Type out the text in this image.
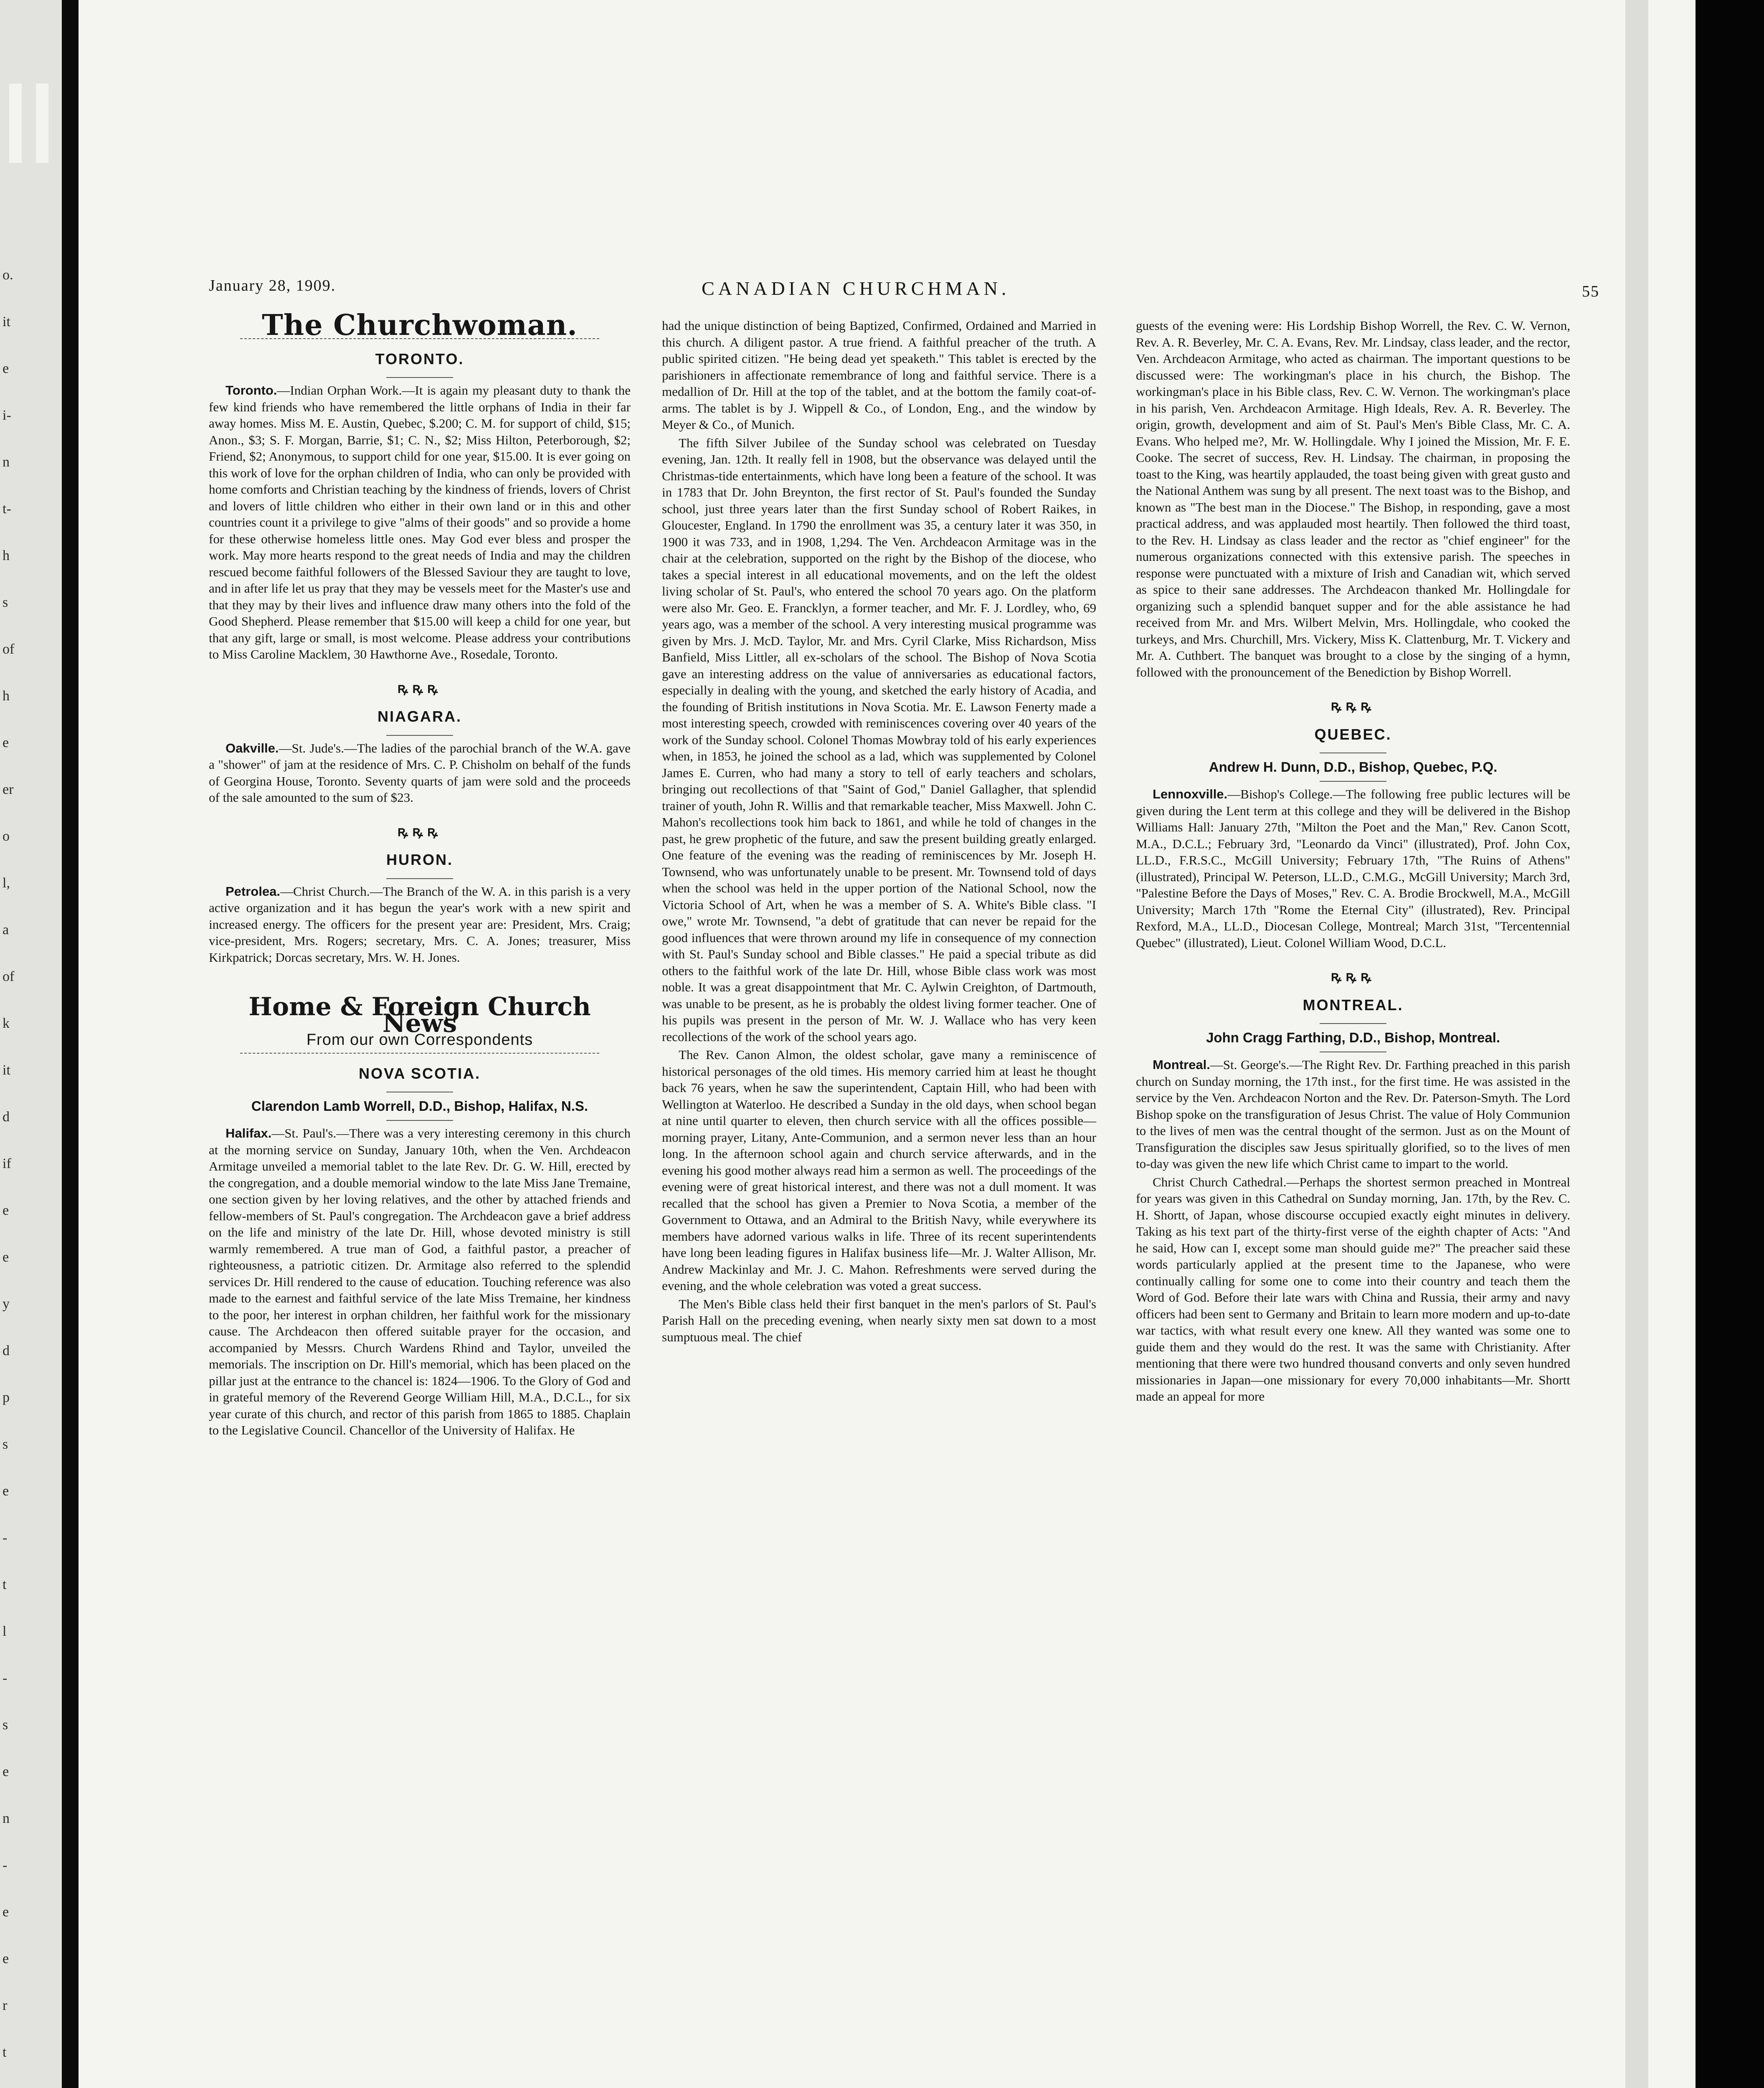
o.
it
e
i-
n
t-
h
s
of
h
e
er
o
l,
a
of
k
it
d
if
e
e
y
d
p
s
e
-
t
l
-
s
e
n
-
e
e
r
t
January 28, 1909.	CANADIAN CHURCHMAN.	55
The Churchwoman.
TORONTO.

Toronto.—Indian Orphan Work.—It is again my pleasant duty to thank the few kind friends who have remembered the little orphans of India in their far away homes. Miss M. E. Austin, Quebec, $.200; C. M. for support of child, $15; Anon., $3; S. F. Morgan, Barrie, $1; C. N., $2; Miss Hilton, Peterborough, $2; Friend, $2; Anonymous, to support child for one year, $15.00. It is ever going on this work of love for the orphan children of India, who can only be provided with home comforts and Christian teaching by the kindness of friends, lovers of Christ and lovers of little children who either in their own land or in this and other countries count it a privilege to give "alms of their goods" and so provide a home for these otherwise homeless little ones. May God ever bless and prosper the work. May more hearts respond to the great needs of India and may the children rescued become faithful followers of the Blessed Saviour they are taught to love, and in after life let us pray that they may be vessels meet for the Master's use and that they may by their lives and influence draw many others into the fold of the Good Shepherd. Please remember that $15.00 will keep a child for one year, but that any gift, large or small, is most welcome. Please address your contributions to Miss Caroline Macklem, 30 Hawthorne Ave., Rosedale, Toronto.

ꝶꝶꝶ
NIAGARA.

Oakville.—St. Jude's.—The ladies of the parochial branch of the W.A. gave a "shower" of jam at the residence of Mrs. C. P. Chisholm on behalf of the funds of Georgina House, Toronto. Seventy quarts of jam were sold and the proceeds of the sale amounted to the sum of $23.

ꝶꝶꝶ
HURON.

Petrolea.—Christ Church.—The Branch of the W. A. in this parish is a very active organization and it has begun the year's work with a new spirit and increased energy. The officers for the present year are: President, Mrs. Craig; vice-president, Mrs. Rogers; secretary, Mrs. C. A. Jones; treasurer, Miss Kirkpatrick; Dorcas secretary, Mrs. W. H. Jones.

Home & Foreign Church News
From our own Correspondents
NOVA SCOTIA.
Clarendon Lamb Worrell, D.D., Bishop, Halifax, N.S.

Halifax.—St. Paul's.—There was a very interesting ceremony in this church at the morning service on Sunday, January 10th, when the Ven. Archdeacon Armitage unveiled a memorial tablet to the late Rev. Dr. G. W. Hill, erected by the congregation, and a double memorial window to the late Miss Jane Tremaine, one section given by her loving relatives, and the other by attached friends and fellow-members of St. Paul's congregation. The Archdeacon gave a brief address on the life and ministry of the late Dr. Hill, whose devoted ministry is still warmly remembered. A true man of God, a faithful pastor, a preacher of righteousness, a patriotic citizen. Dr. Armitage also referred to the splendid services Dr. Hill rendered to the cause of education. Touching reference was also made to the earnest and faithful service of the late Miss Tremaine, her kindness to the poor, her interest in orphan children, her faithful work for the missionary cause. The Archdeacon then offered suitable prayer for the occasion, and accompanied by Messrs. Church Wardens Rhind and Taylor, unveiled the memorials. The inscription on Dr. Hill's memorial, which has been placed on the pillar just at the entrance to the chancel is: 1824—1906. To the Glory of God and in grateful memory of the Reverend George William Hill, M.A., D.C.L., for six year curate of this church, and rector of this parish from 1865 to 1885. Chaplain to the Legislative Council. Chancellor of the University of Halifax. He

had the unique distinction of being Baptized, Confirmed, Ordained and Married in this church. A diligent pastor. A true friend. A faithful preacher of the truth. A public spirited citizen. "He being dead yet speaketh." This tablet is erected by the parishioners in affectionate remembrance of long and faithful service. There is a medallion of Dr. Hill at the top of the tablet, and at the bottom the family coat-of-arms. The tablet is by J. Wippell & Co., of London, Eng., and the window by Meyer & Co., of Munich.

The fifth Silver Jubilee of the Sunday school was celebrated on Tuesday evening, Jan. 12th. It really fell in 1908, but the observance was delayed until the Christmas-tide entertainments, which have long been a feature of the school. It was in 1783 that Dr. John Breynton, the first rector of St. Paul's founded the Sunday school, just three years later than the first Sunday school of Robert Raikes, in Gloucester, England. In 1790 the enrollment was 35, a century later it was 350, in 1900 it was 733, and in 1908, 1,294. The Ven. Archdeacon Armitage was in the chair at the celebration, supported on the right by the Bishop of the diocese, who takes a special interest in all educational movements, and on the left the oldest living scholar of St. Paul's, who entered the school 70 years ago. On the platform were also Mr. Geo. E. Francklyn, a former teacher, and Mr. F. J. Lordley, who, 69 years ago, was a member of the school. A very interesting musical programme was given by Mrs. J. McD. Taylor, Mr. and Mrs. Cyril Clarke, Miss Richardson, Miss Banfield, Miss Littler, all ex-scholars of the school. The Bishop of Nova Scotia gave an interesting address on the value of anniversaries as educational factors, especially in dealing with the young, and sketched the early history of Acadia, and the founding of British institutions in Nova Scotia. Mr. E. Lawson Fenerty made a most interesting speech, crowded with reminiscences covering over 40 years of the work of the Sunday school. Colonel Thomas Mowbray told of his early experiences when, in 1853, he joined the school as a lad, which was supplemented by Colonel James E. Curren, who had many a story to tell of early teachers and scholars, bringing out recollections of that "Saint of God," Daniel Gallagher, that splendid trainer of youth, John R. Willis and that remarkable teacher, Miss Maxwell. John C. Mahon's recollections took him back to 1861, and while he told of changes in the past, he grew prophetic of the future, and saw the present building greatly enlarged. One feature of the evening was the reading of reminiscences by Mr. Joseph H. Townsend, who was unfortunately unable to be present. Mr. Townsend told of days when the school was held in the upper portion of the National School, now the Victoria School of Art, when he was a member of S. A. White's Bible class. "I owe," wrote Mr. Townsend, "a debt of gratitude that can never be repaid for the good influences that were thrown around my life in consequence of my connection with St. Paul's Sunday school and Bible classes." He paid a special tribute as did others to the faithful work of the late Dr. Hill, whose Bible class work was most noble. It was a great disappointment that Mr. C. Aylwin Creighton, of Dartmouth, was unable to be present, as he is probably the oldest living former teacher. One of his pupils was present in the person of Mr. W. J. Wallace who has very keen recollections of the work of the school years ago.

The Rev. Canon Almon, the oldest scholar, gave many a reminiscence of historical personages of the old times. His memory carried him at least he thought back 76 years, when he saw the superintendent, Captain Hill, who had been with Wellington at Waterloo. He described a Sunday in the old days, when school began at nine until quarter to eleven, then church service with all the offices possible—morning prayer, Litany, Ante-Communion, and a sermon never less than an hour long. In the afternoon school again and church service afterwards, and in the evening his good mother always read him a sermon as well. The proceedings of the evening were of great historical interest, and there was not a dull moment. It was recalled that the school has given a Premier to Nova Scotia, a member of the Government to Ottawa, and an Admiral to the British Navy, while everywhere its members have adorned various walks in life. Three of its recent superintendents have long been leading figures in Halifax business life—Mr. J. Walter Allison, Mr. Andrew Mackinlay and Mr. J. C. Mahon. Refreshments were served during the evening, and the whole celebration was voted a great success.

The Men's Bible class held their first banquet in the men's parlors of St. Paul's Parish Hall on the preceding evening, when nearly sixty men sat down to a most sumptuous meal. The chief

guests of the evening were: His Lordship Bishop Worrell, the Rev. C. W. Vernon, Rev. A. R. Beverley, Mr. C. A. Evans, Rev. Mr. Lindsay, class leader, and the rector, Ven. Archdeacon Armitage, who acted as chairman. The important questions to be discussed were: The workingman's place in his church, the Bishop. The workingman's place in his Bible class, Rev. C. W. Vernon. The workingman's place in his parish, Ven. Archdeacon Armitage. High Ideals, Rev. A. R. Beverley. The origin, growth, development and aim of St. Paul's Men's Bible Class, Mr. C. A. Evans. Who helped me?, Mr. W. Hollingdale. Why I joined the Mission, Mr. F. E. Cooke. The secret of success, Rev. H. Lindsay. The chairman, in proposing the toast to the King, was heartily applauded, the toast being given with great gusto and the National Anthem was sung by all present. The next toast was to the Bishop, and known as "The best man in the Diocese." The Bishop, in responding, gave a most practical address, and was applauded most heartily. Then followed the third toast, to the Rev. H. Lindsay as class leader and the rector as "chief engineer" for the numerous organizations connected with this extensive parish. The speeches in response were punctuated with a mixture of Irish and Canadian wit, which served as spice to their sane addresses. The Archdeacon thanked Mr. Hollingdale for organizing such a splendid banquet supper and for the able assistance he had received from Mr. and Mrs. Wilbert Melvin, Mrs. Hollingdale, who cooked the turkeys, and Mrs. Churchill, Mrs. Vickery, Miss K. Clattenburg, Mr. T. Vickery and Mr. A. Cuthbert. The banquet was brought to a close by the singing of a hymn, followed with the pronouncement of the Benediction by Bishop Worrell.

ꝶꝶꝶ
QUEBEC.
Andrew H. Dunn, D.D., Bishop, Quebec, P.Q.

Lennoxville.—Bishop's College.—The following free public lectures will be given during the Lent term at this college and they will be delivered in the Bishop Williams Hall: January 27th, "Milton the Poet and the Man," Rev. Canon Scott, M.A., D.C.L.; February 3rd, "Leonardo da Vinci" (illustrated), Prof. John Cox, LL.D., F.R.S.C., McGill University; February 17th, "The Ruins of Athens" (illustrated), Principal W. Peterson, LL.D., C.M.G., McGill University; March 3rd, "Palestine Before the Days of Moses," Rev. C. A. Brodie Brockwell, M.A., McGill University; March 17th "Rome the Eternal City" (illustrated), Rev. Principal Rexford, M.A., LL.D., Diocesan College, Montreal; March 31st, "Tercentennial Quebec" (illustrated), Lieut. Colonel William Wood, D.C.L.

ꝶꝶꝶ
MONTREAL.
John Cragg Farthing, D.D., Bishop, Montreal.

Montreal.—St. George's.—The Right Rev. Dr. Farthing preached in this parish church on Sunday morning, the 17th inst., for the first time. He was assisted in the service by the Ven. Archdeacon Norton and the Rev. Dr. Paterson-Smyth. The Lord Bishop spoke on the transfiguration of Jesus Christ. The value of Holy Communion to the lives of men was the central thought of the sermon. Just as on the Mount of Transfiguration the disciples saw Jesus spiritually glorified, so to the lives of men to-day was given the new life which Christ came to impart to the world.

Christ Church Cathedral.—Perhaps the shortest sermon preached in Montreal for years was given in this Cathedral on Sunday morning, Jan. 17th, by the Rev. C. H. Shortt, of Japan, whose discourse occupied exactly eight minutes in delivery. Taking as his text part of the thirty-first verse of the eighth chapter of Acts: "And he said, How can I, except some man should guide me?" The preacher said these words particularly applied at the present time to the Japanese, who were continually calling for some one to come into their country and teach them the Word of God. Before their late wars with China and Russia, their army and navy officers had been sent to Germany and Britain to learn more modern and up-to-date war tactics, with what result every one knew. All they wanted was some one to guide them and they would do the rest. It was the same with Christianity. After mentioning that there were two hundred thousand converts and only seven hundred missionaries in Japan—one missionary for every 70,000 inhabitants—Mr. Shortt made an appeal for more
